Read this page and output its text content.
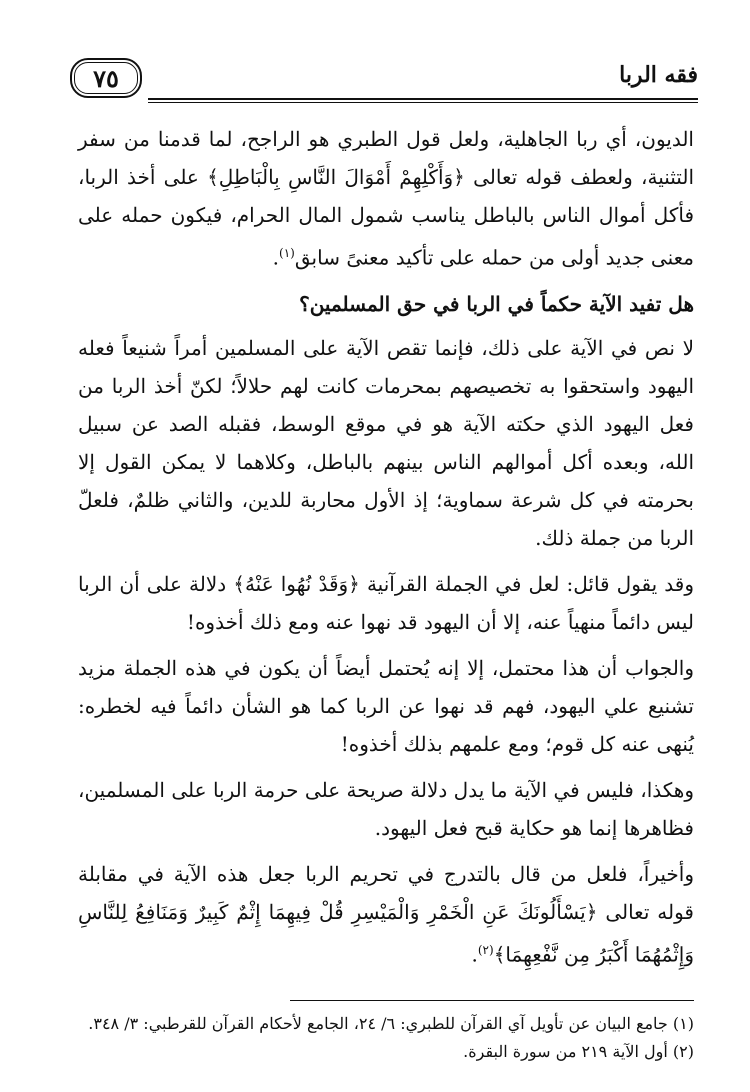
فقه الربا
٧٥

الديون، أي ربا الجاهلية، ولعل قول الطبري هو الراجح، لما قدمنا من سفر التثنية، ولعطف قوله تعالى ﴿وَأَكْلِهِمْ أَمْوَالَ النَّاسِ بِالْبَاطِلِ﴾ على أخذ الربا، فأكل أموال الناس بالباطل يناسب شمول المال الحرام، فيكون حمله على معنى جديد أولى من حمله على تأكيد معنىً سابق$^{(١)}$.

هل تفيد الآية حكماً في الربا في حق المسلمين؟

لا نص في الآية على ذلك، فإنما تقص الآية على المسلمين أمراً شنيعاً فعله اليهود واستحقوا به تخصيصهم بمحرمات كانت لهم حلالاً؛ لكنّ أخذ الربا من فعل اليهود الذي حكته الآية هو في موقع الوسط، فقبله الصد عن سبيل الله، وبعده أكل أموالهم الناس بينهم بالباطل، وكلاهما لا يمكن القول إلا بحرمته في كل شرعة سماوية؛ إذ الأول محاربة للدين، والثاني ظلمٌ، فلعلّ الربا من جملة ذلك.

وقد يقول قائل: لعل في الجملة القرآنية ﴿وَقَدْ نُهُوا عَنْهُ﴾ دلالة على أن الربا ليس دائماً منهياً عنه، إلا أن اليهود قد نهوا عنه ومع ذلك أخذوه!

والجواب أن هذا محتمل، إلا إنه يُحتمل أيضاً أن يكون في هذه الجملة مزيد تشنيع علي اليهود، فهم قد نهوا عن الربا كما هو الشأن دائماً فيه لخطره: يُنهى عنه كل قوم؛ ومع علمهم بذلك أخذوه!

وهكذا، فليس في الآية ما يدل دلالة صريحة على حرمة الربا على المسلمين، فظاهرها إنما هو حكاية قبح فعل اليهود.

وأخيراً، فلعل من قال بالتدرج في تحريم الربا جعل هذه الآية في مقابلة قوله تعالى ﴿يَسْأَلُونَكَ عَنِ الْخَمْرِ وَالْمَيْسِرِ قُلْ فِيهِمَا إِثْمٌ كَبِيرٌ وَمَنَافِعُ لِلنَّاسِ وَإِثْمُهُمَا أَكْبَرُ مِن نَّفْعِهِمَا﴾$^{(٢)}$.

(١) جامع البيان عن تأويل آي القرآن للطبري: ٦/ ٢٤، الجامع لأحكام القرآن للقرطبي: ٣/ ٣٤٨.

(٢) أول الآية ٢١٩ من سورة البقرة.
